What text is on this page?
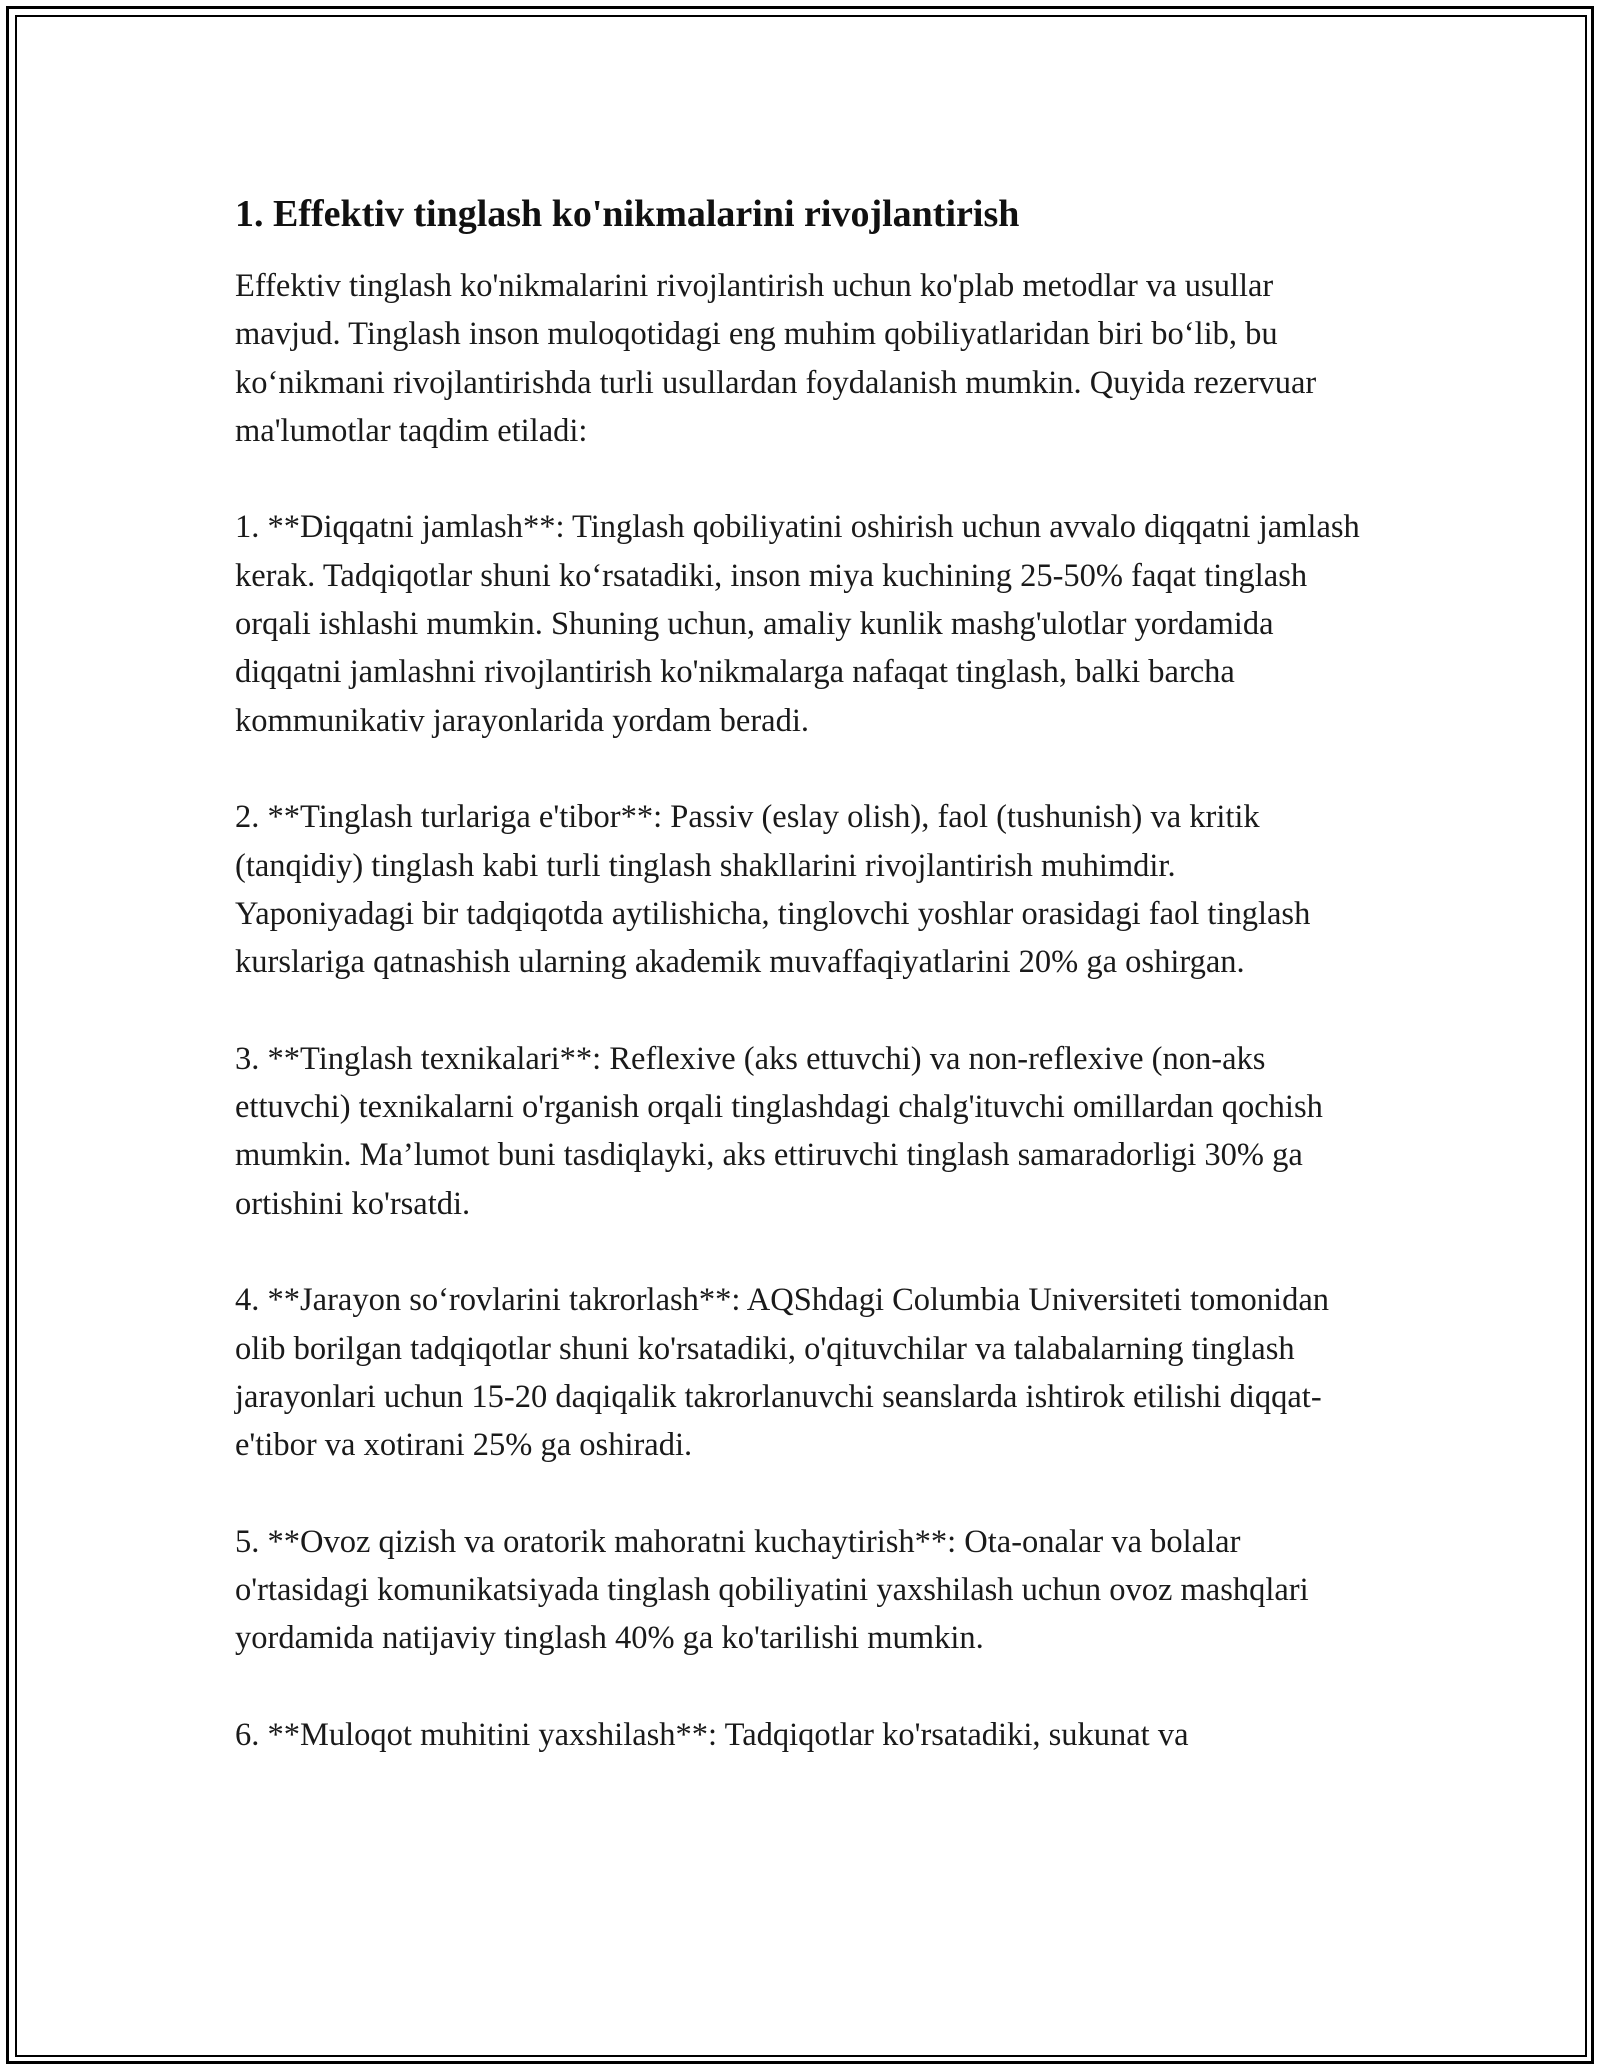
1. Effektiv tinglash ko'nikmalarini rivojlantirish

Effektiv tinglash ko'nikmalarini rivojlantirish uchun ko'plab metodlar va usullar mavjud. Tinglash inson muloqotidagi eng muhim qobiliyatlaridan biri bo‘lib, bu ko‘nikmani rivojlantirishda turli usullardan foydalanish mumkin. Quyida rezervuar ma'lumotlar taqdim etiladi:

1. **Diqqatni jamlash**: Tinglash qobiliyatini oshirish uchun avvalo diqqatni jamlash kerak. Tadqiqotlar shuni ko‘rsatadiki, inson miya kuchining 25-50% faqat tinglash orqali ishlashi mumkin. Shuning uchun, amaliy kunlik mashg'ulotlar yordamida diqqatni jamlashni rivojlantirish ko'nikmalarga nafaqat tinglash, balki barcha kommunikativ jarayonlarida yordam beradi.

2. **Tinglash turlariga e'tibor**: Passiv (eslay olish), faol (tushunish) va kritik (tanqidiy) tinglash kabi turli tinglash shakllarini rivojlantirish muhimdir. Yaponiyadagi bir tadqiqotda aytilishicha, tinglovchi yoshlar orasidagi faol tinglash kurslariga qatnashish ularning akademik muvaffaqiyatlarini 20% ga oshirgan.

3. **Tinglash texnikalari**: Reflexive (aks ettuvchi) va non-reflexive (non-aks ettuvchi) texnikalarni o'rganish orqali tinglashdagi chalg'ituvchi omillardan qochish mumkin. Ma’lumot buni tasdiqlayki, aks ettiruvchi tinglash samaradorligi 30% ga ortishini ko'rsatdi.

4. **Jarayon so‘rovlarini takrorlash**: AQShdagi Columbia Universiteti tomonidan olib borilgan tadqiqotlar shuni ko'rsatadiki, o'qituvchilar va talabalarning tinglash jarayonlari uchun 15-20 daqiqalik takrorlanuvchi seanslarda ishtirok etilishi diqqat-e'tibor va xotirani 25% ga oshiradi.

5. **Ovoz qizish va oratorik mahoratni kuchaytirish**: Ota-onalar va bolalar o'rtasidagi komunikatsiyada tinglash qobiliyatini yaxshilash uchun ovoz mashqlari yordamida natijaviy tinglash 40% ga ko'tarilishi mumkin.

6. **Muloqot muhitini yaxshilash**: Tadqiqotlar ko'rsatadiki, sukunat va
